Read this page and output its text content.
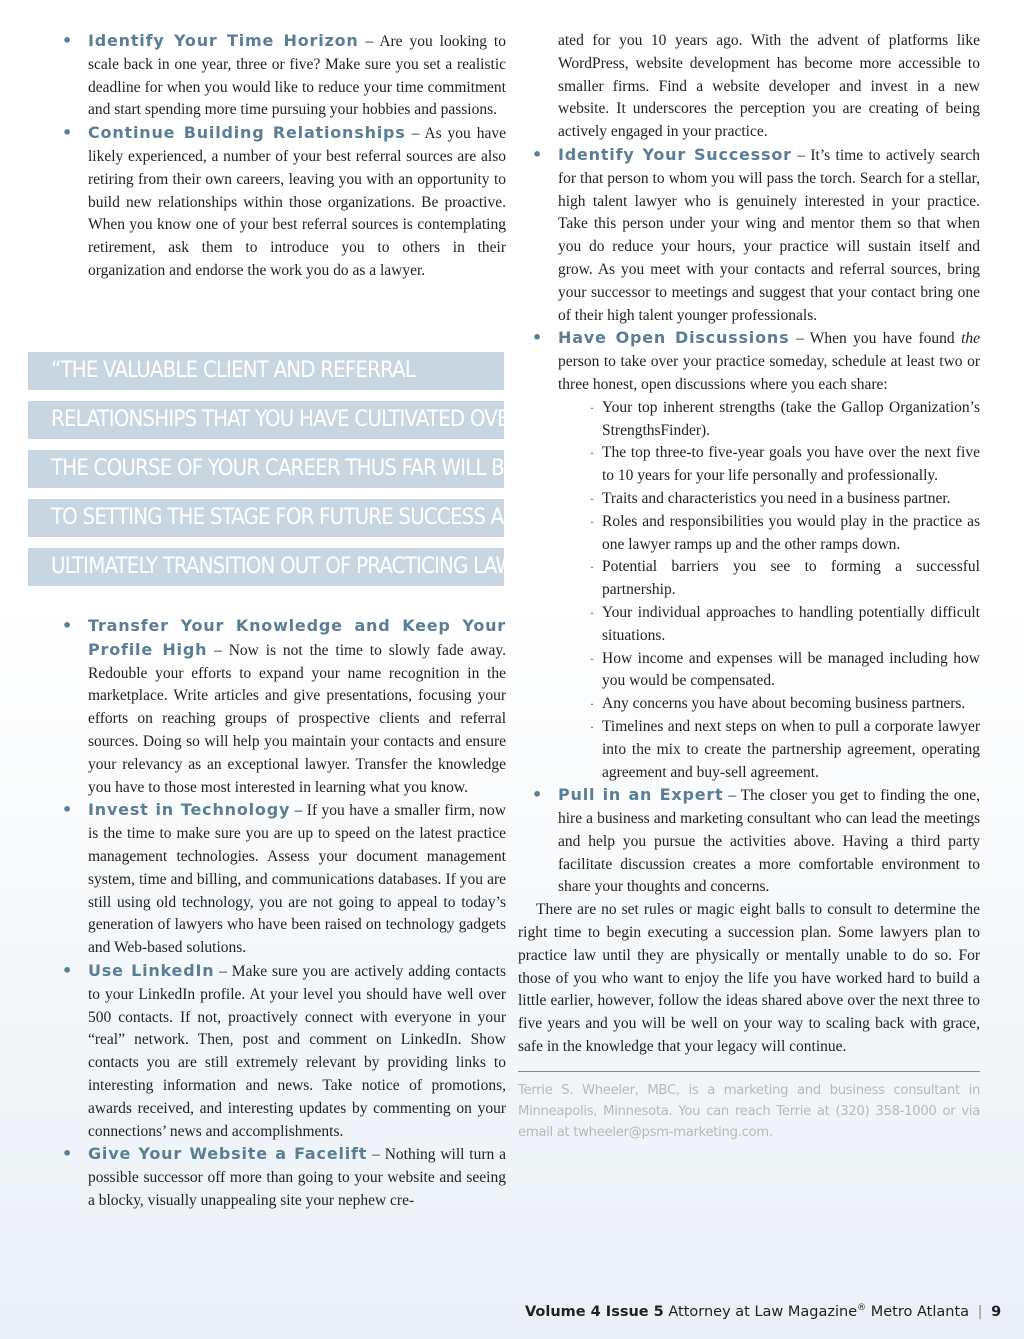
• Identify Your Time Horizon – Are you looking to scale back in one year, three or five? Make sure you set a realistic deadline for when you would like to reduce your time commitment and start spending more time pursuing your hobbies and passions.
• Continue Building Relationships – As you have likely experienced, a number of your best referral sources are also retiring from their own careers, leaving you with an opportunity to build new relationships within those organizations. Be proactive. When you know one of your best referral sources is contemplating retirement, ask them to introduce you to others in their organization and endorse the work you do as a lawyer.
“THE VALUABLE CLIENT AND REFERRAL
RELATIONSHIPS THAT YOU HAVE CULTIVATED OVER
THE COURSE OF YOUR CAREER THUS FAR WILL BE KEY
TO SETTING THE STAGE FOR FUTURE SUCCESS AS YOU
ULTIMATELY TRANSITION OUT OF PRACTICING LAW.”
• Transfer Your Knowledge and Keep Your Profile High – Now is not the time to slowly fade away. Redouble your efforts to expand your name recognition in the marketplace. Write articles and give presentations, focusing your efforts on reaching groups of prospective clients and referral sources. Doing so will help you maintain your contacts and ensure your relevancy as an exceptional lawyer. Transfer the knowledge you have to those most interested in learning what you know.
• Invest in Technology – If you have a smaller firm, now is the time to make sure you are up to speed on the latest practice management technologies. Assess your document management system, time and billing, and communications databases. If you are still using old technology, you are not going to appeal to today’s generation of lawyers who have been raised on technology gadgets and Web-based solutions.
• Use LinkedIn – Make sure you are actively adding contacts to your LinkedIn profile. At your level you should have well over 500 contacts. If not, proactively connect with everyone in your “real” network. Then, post and comment on LinkedIn. Show contacts you are still extremely relevant by providing links to interesting information and news. Take notice of promotions, awards received, and interesting updates by commenting on your connections’ news and accomplishments.
• Give Your Website a Facelift – Nothing will turn a possible successor off more than going to your website and seeing a blocky, visually unappealing site your nephew cre-
ated for you 10 years ago. With the advent of platforms like WordPress, website development has become more accessible to smaller firms. Find a website developer and invest in a new website. It underscores the perception you are creating of being actively engaged in your practice.
• Identify Your Successor – It’s time to actively search for that person to whom you will pass the torch. Search for a stellar, high talent lawyer who is genuinely interested in your practice. Take this person under your wing and mentor them so that when you do reduce your hours, your practice will sustain itself and grow. As you meet with your contacts and referral sources, bring your successor to meetings and suggest that your contact bring one of their high talent younger professionals.
• Have Open Discussions – When you have found the person to take over your practice someday, schedule at least two or three honest, open discussions where you each share:
· Your top inherent strengths (take the Gallop Organization’s StrengthsFinder).
· The top three-to five-year goals you have over the next five to 10 years for your life personally and professionally.
· Traits and characteristics you need in a business partner.
· Roles and responsibilities you would play in the practice as one lawyer ramps up and the other ramps down.
· Potential barriers you see to forming a successful partnership.
· Your individual approaches to handling potentially difficult situations.
· How income and expenses will be managed including how you would be compensated.
· Any concerns you have about becoming business partners.
· Timelines and next steps on when to pull a corporate lawyer into the mix to create the partnership agreement, operating agreement and buy-sell agreement.
• Pull in an Expert – The closer you get to finding the one, hire a business and marketing consultant who can lead the meetings and help you pursue the activities above. Having a third party facilitate discussion creates a more comfortable environment to share your thoughts and concerns.

There are no set rules or magic eight balls to consult to determine the right time to begin executing a succession plan. Some lawyers plan to practice law until they are physically or mentally unable to do so. For those of you who want to enjoy the life you have worked hard to build a little earlier, however, follow the ideas shared above over the next three to five years and you will be well on your way to scaling back with grace, safe in the knowledge that your legacy will continue.

Terrie S. Wheeler, MBC, is a marketing and business consultant in Minneapolis, Minnesota. You can reach Terrie at (320) 358-1000 or via email at twheeler@psm-marketing.com.

Volume 4 Issue 5 Attorney at Law Magazine® Metro Atlanta | 9
